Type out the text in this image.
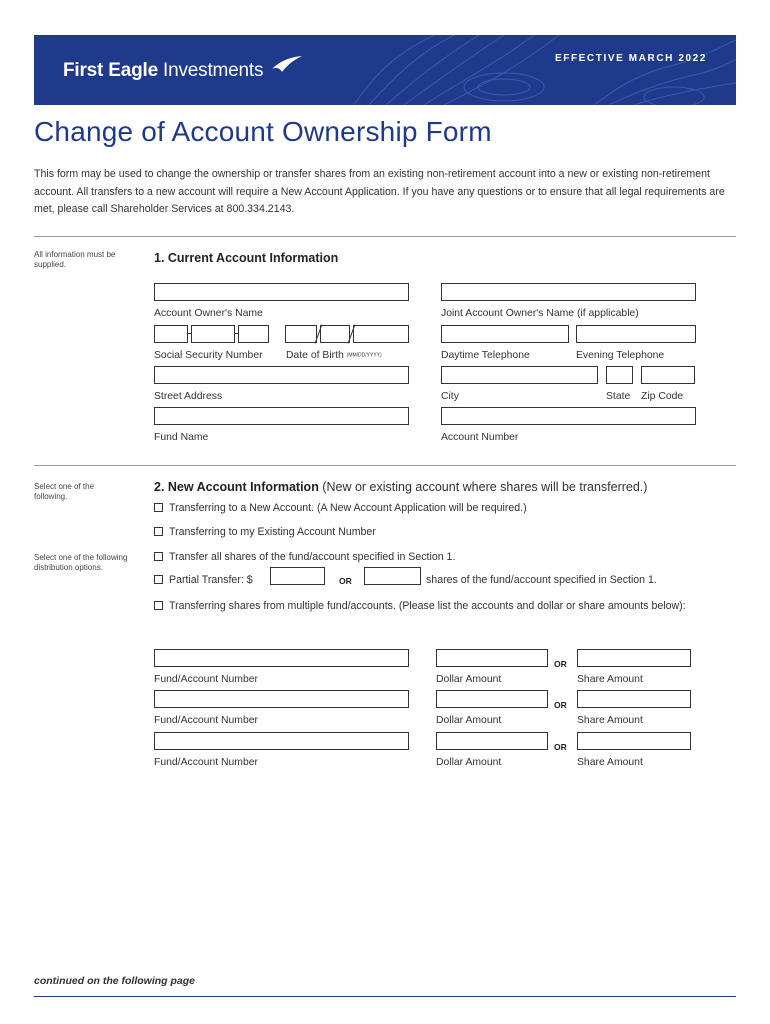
First Eagle Investments
EFFECTIVE MARCH 2022
Change of Account Ownership Form
This form may be used to change the ownership or transfer shares from an existing non-retirement account into a new or existing non-retirement account. All transfers to a new account will require a New Account Application. If you have any questions or to ensure that all legal requirements are met, please call Shareholder Services at 800.334.2143.
All information must be supplied.	1. Current Account Information
Account Owner's Name	Joint Account Owner's Name (if applicable)
Social Security Number Date of Birth (MM/DD/YYYY)	Daytime Telephone	Evening Telephone
Street Address	City	State Zip Code
Fund Name	Account Number
Select one of the following.
2. New Account Information (New or existing account where shares will be transferred.)
Transferring to a New Account. (A New Account Application will be required.)
Transferring to my Existing Account Number
Select one of the following distribution options.
Transfer all shares of the fund/account specified in Section 1.
Partial Transfer: $	OR	shares of the fund/account specified in Section 1.
Transferring shares from multiple fund/accounts. (Please list the accounts and dollar or share amounts below):
OR
Fund/Account Number	Dollar Amount	Share Amount
OR
Fund/Account Number	Dollar Amount	Share Amount
OR
Fund/Account Number	Dollar Amount	Share Amount
continued on the following page
